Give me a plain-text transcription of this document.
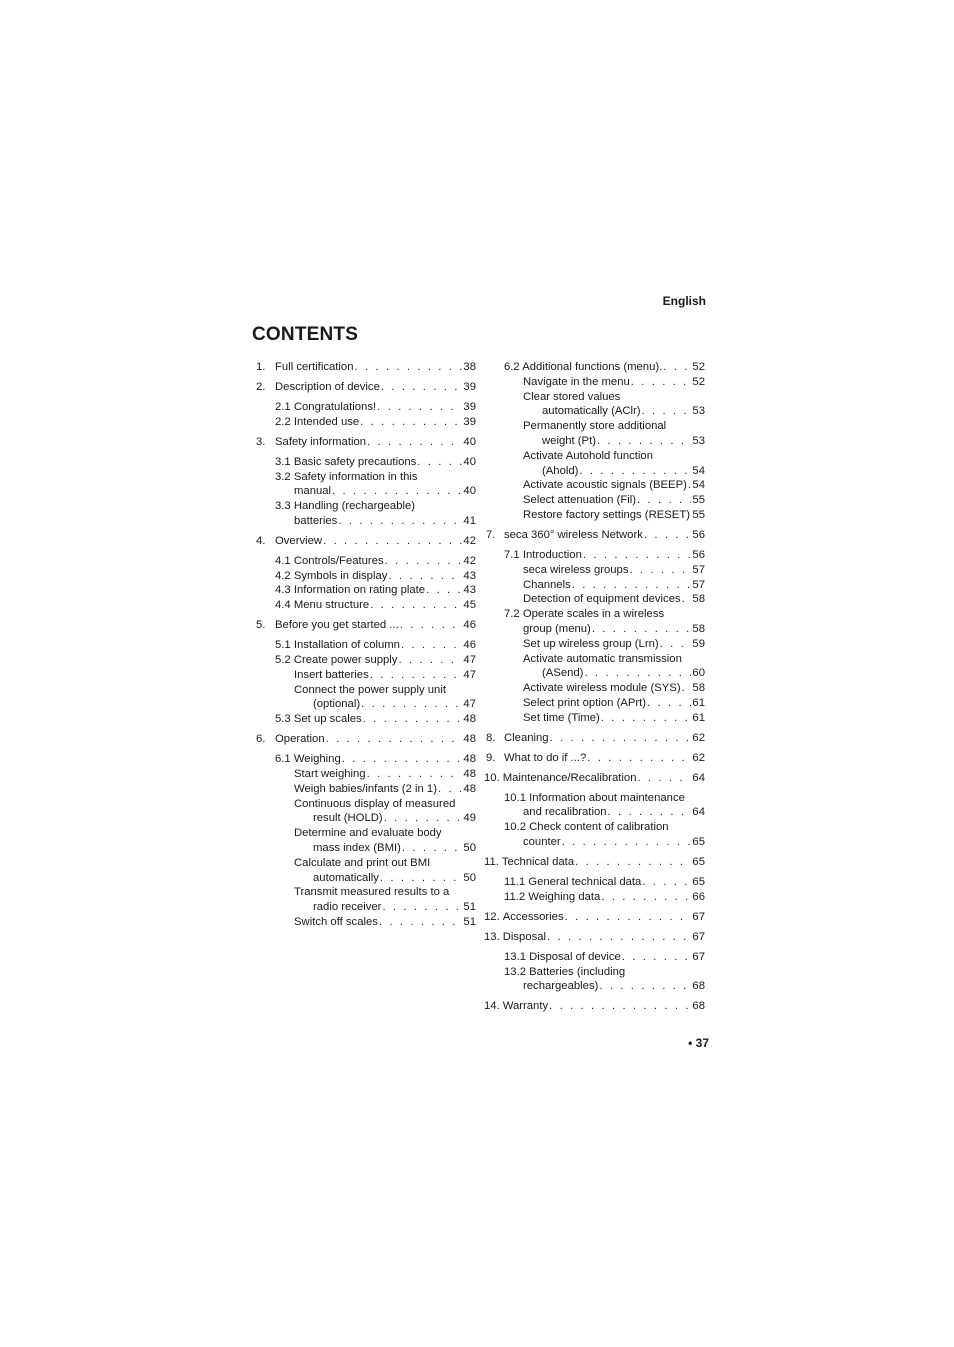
English
CONTENTS
1. Full certification . . .	38
2. Description of device . . .	39
2.1 Congratulations! . . .	39
2.2 Intended use . . .	39
3. Safety information . . .	40
3.1 Basic safety precautions . . .	40
3.2 Safety information in this
manual . . .	40
3.3 Handling (rechargeable)
batteries . . .	41
4. Overview . . .	42
4.1 Controls/Features . . .	42
4.2 Symbols in display . . .	43
4.3 Information on rating plate . . .	43
4.4 Menu structure . . .	45
5. Before you get started ... . . .	46
5.1 Installation of column . . .	46
5.2 Create power supply . . .	47
Insert batteries . . .	47
Connect the power supply unit
(optional) . . .	47
5.3 Set up scales . . .	48
6. Operation . . .	48
6.1 Weighing . . .	48
Start weighing . . .	48
Weigh babies/infants (2 in 1) . . . 48
Continuous display of measured
result (HOLD) . . .	49
Determine and evaluate body
mass index (BMI) . . .	50
Calculate and print out BMI
automatically . . .	50
Transmit measured results to a
radio receiver . . .	51
Switch off scales . . .	51
6.2 Additional functions (menu). . . .	52
Navigate in the menu . . .	52
Clear stored values
automatically (AClr) . . .	53
Permanently store additional
weight (Pt) . . .	53
Activate Autohold function
(Ahold) . . .	54
Activate acoustic signals (BEEP) . . . 54
Select attenuation (Fil) . . .	55
Restore factory settings (RESET) . . . 55
7. seca 360° wireless Network . . .	56
7.1 Introduction . . .	56
seca wireless groups . . .	57
Channels . . .	57
Detection of equipment devices . . . 58
7.2 Operate scales in a wireless
group (menu) . . .	58
Set up wireless group (Lrn) . . .	59
Activate automatic transmission
(ASend) . . .	60
Activate wireless module (SYS) . . . 58
Select print option (APrt) . . .	61
Set time (Time) . . .	61
8. Cleaning . . .	62
9. What to do if ...? . . .	62
10. Maintenance/Recalibration . . .	64
10.1 Information about maintenance
and recalibration . . .	64
10.2 Check content of calibration
counter . . .	65
11. Technical data . . .	65
11.1 General technical data . . .	65
11.2 Weighing data . . .	66
12. Accessories . . .	67
13. Disposal . . .	67
13.1 Disposal of device . . .	67
13.2 Batteries (including
rechargeables) . . .	68
14. Warranty . . .	68
• 37
